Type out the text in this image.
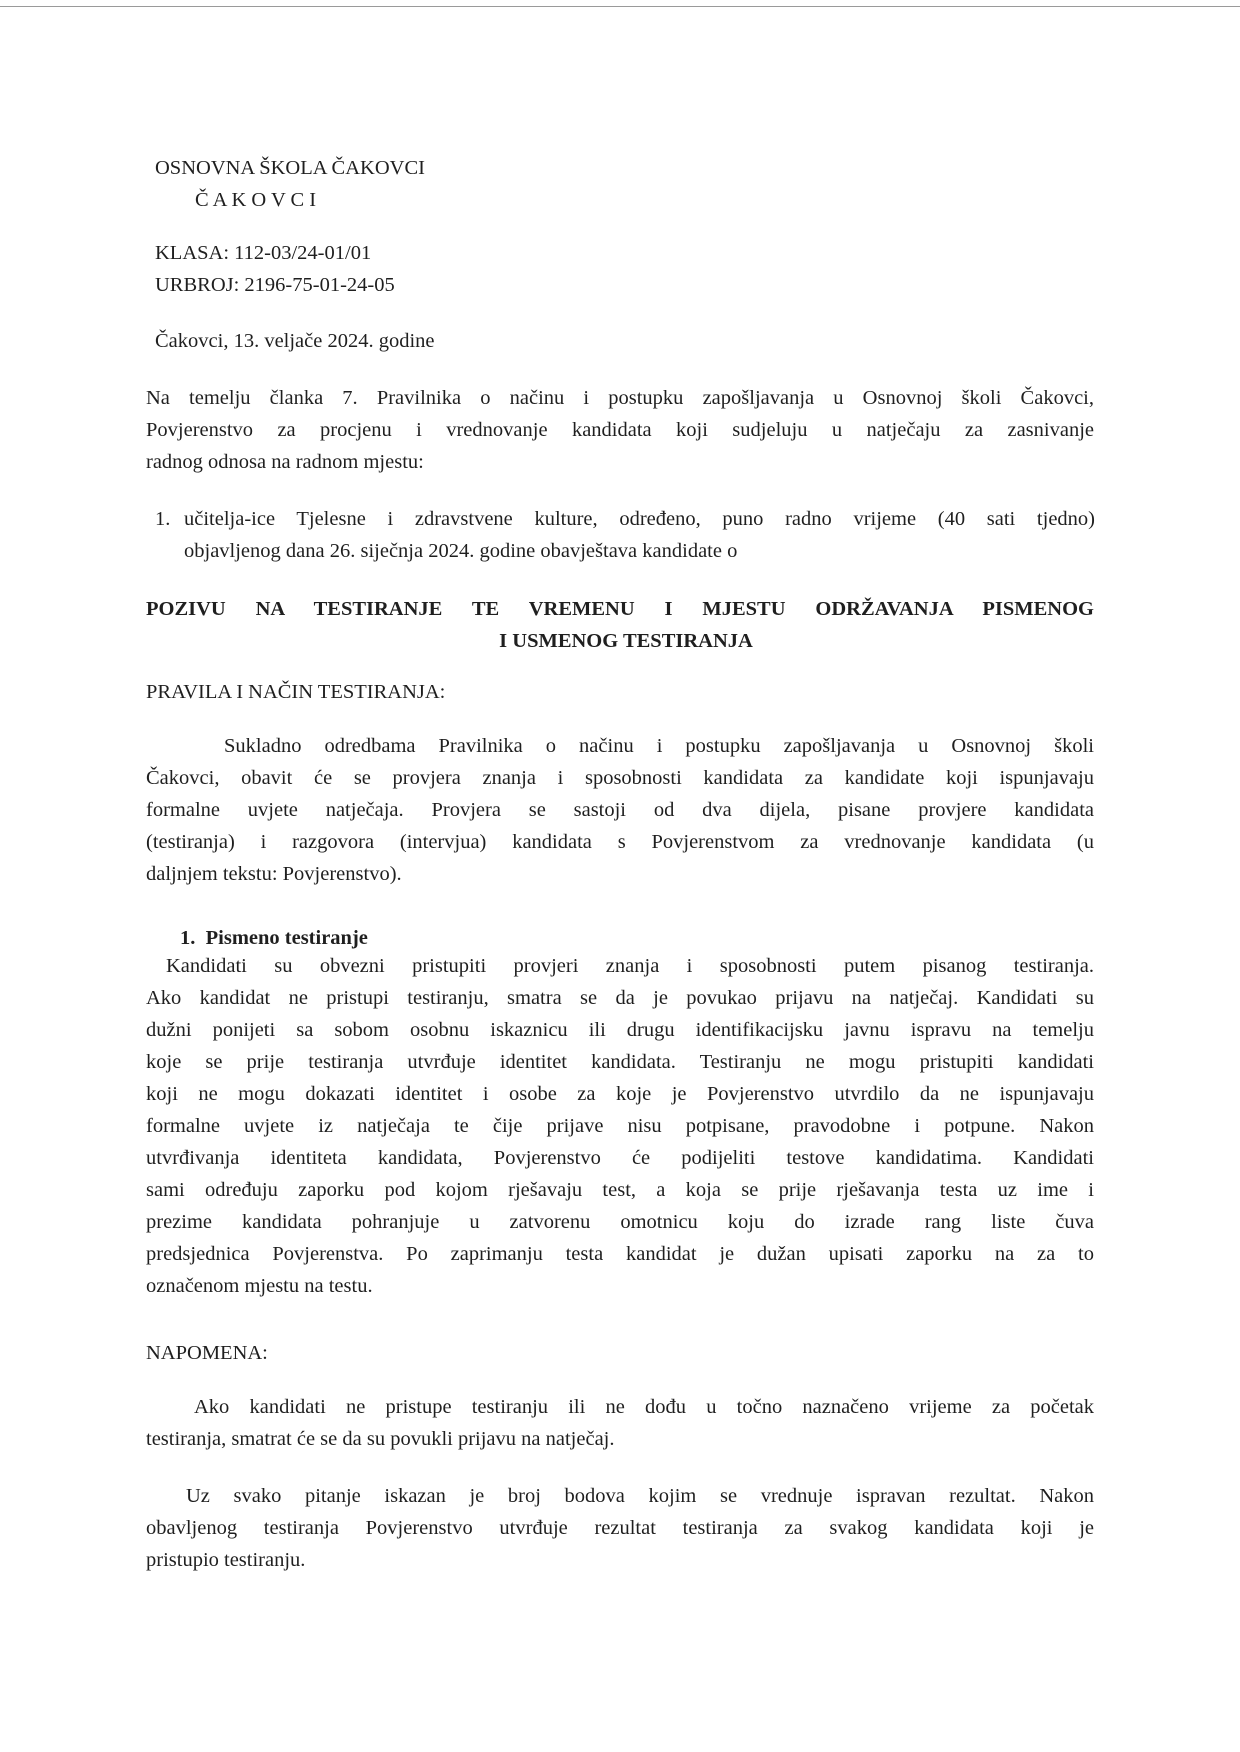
OSNOVNA ŠKOLA ČAKOVCI
Č A K O V C I
KLASA: 112-03/24-01/01
URBROJ: 2196-75-01-24-05
Čakovci, 13. veljače 2024. godine
Na temelju članka 7. Pravilnika o načinu i postupku zapošljavanja u Osnovnoj školi Čakovci,
Povjerenstvo za procjenu i vrednovanje kandidata koji sudjeluju u natječaju za zasnivanje
radnog odnosa na radnom mjestu:
1. učitelja-ice Tjelesne i zdravstvene kulture, određeno, puno radno vrijeme (40 sati tjedno)
objavljenog dana 26. siječnja 2024. godine obavještava kandidate o
POZIVU NA TESTIRANJE TE VREMENU I MJESTU ODRŽAVANJA PISMENOG
I USMENOG TESTIRANJA
PRAVILA I NAČIN TESTIRANJA:
Sukladno odredbama Pravilnika o načinu i postupku zapošljavanja u Osnovnoj školi
Čakovci, obavit će se provjera znanja i sposobnosti kandidata za kandidate koji ispunjavaju
formalne uvjete natječaja. Provjera se sastoji od dva dijela, pisane provjere kandidata
(testiranja) i razgovora (intervjua) kandidata s Povjerenstvom za vrednovanje kandidata (u
daljnjem tekstu: Povjerenstvo).
1.  Pismeno testiranje
Kandidati su obvezni pristupiti provjeri znanja i sposobnosti putem pisanog testiranja.
Ako kandidat ne pristupi testiranju, smatra se da je povukao prijavu na natječaj. Kandidati su
dužni ponijeti sa sobom osobnu iskaznicu ili drugu identifikacijsku javnu ispravu na temelju
koje se prije testiranja utvrđuje identitet kandidata. Testiranju ne mogu pristupiti kandidati
koji ne mogu dokazati identitet i osobe za koje je Povjerenstvo utvrdilo da ne ispunjavaju
formalne uvjete iz natječaja te čije prijave nisu potpisane, pravodobne i potpune. Nakon
utvrđivanja identiteta kandidata, Povjerenstvo će podijeliti testove kandidatima. Kandidati
sami određuju zaporku pod kojom rješavaju test, a koja se prije rješavanja testa uz ime i
prezime kandidata pohranjuje u zatvorenu omotnicu koju do izrade rang liste čuva
predsjednica Povjerenstva. Po zaprimanju testa kandidat je dužan upisati zaporku na za to
označenom mjestu na testu.
NAPOMENA:
Ako kandidati ne pristupe testiranju ili ne dođu u točno naznačeno vrijeme za početak
testiranja, smatrat će se da su povukli prijavu na natječaj.
Uz svako pitanje iskazan je broj bodova kojim se vrednuje ispravan rezultat. Nakon
obavljenog testiranja Povjerenstvo utvrđuje rezultat testiranja za svakog kandidata koji je
pristupio testiranju.
